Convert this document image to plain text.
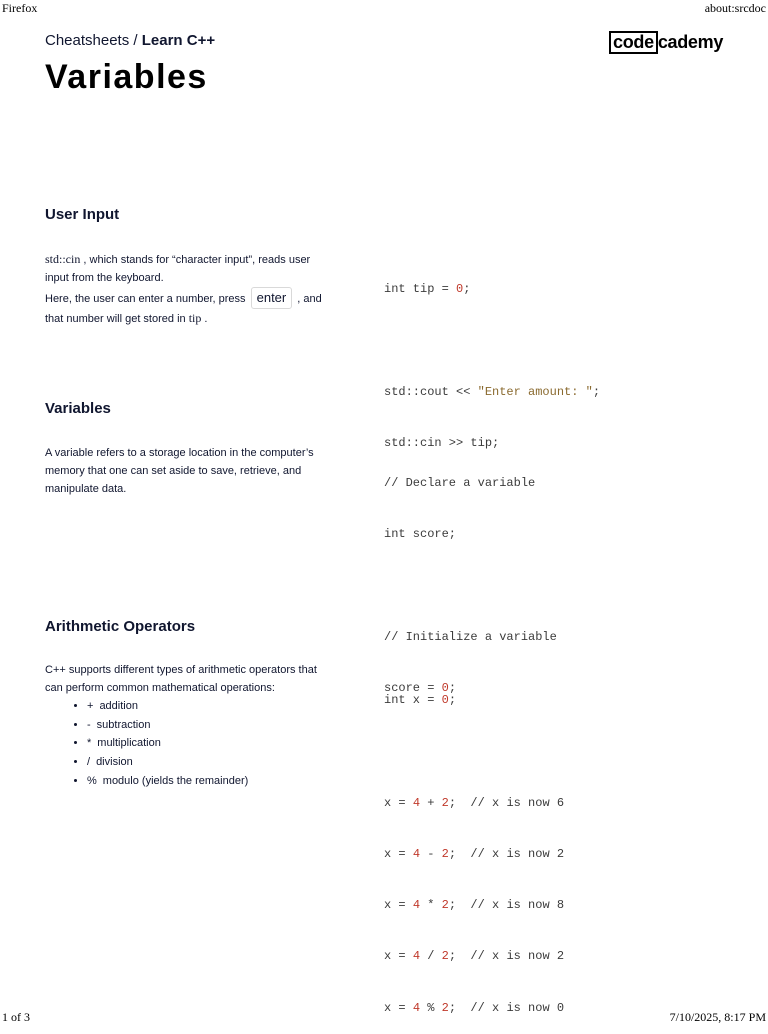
Firefox	about:srcdoc
Cheatsheets / Learn C++	code cademy
Variables
User Input

std::cin , which stands for “character input”, reads user input from the keyboard.

Here, the user can enter a number, press enter , and that number will get stored in tip .

int tip = 0;

std::cout << "Enter amount: ";

std::cin >> tip;

Variables

A variable refers to a storage location in the computer’s memory that one can set aside to save, retrieve, and manipulate data.

	// Declare a variable

int score;

// Initialize a variable

score = 0;

Arithmetic Operators

C++ supports different types of arithmetic operators that can perform common mathematical operations:

• + addition
• - subtraction
• * multiplication
• / division
• % modulo (yields the remainder)

int x = 0;

x = 4 + 2;  // x is now 6

x = 4 - 2;  // x is now 2

x = 4 * 2;  // x is now 8

x = 4 / 2;  // x is now 2

x = 4 % 2;  // x is now 0

1 of 3	7/10/2025, 8:17 PM
